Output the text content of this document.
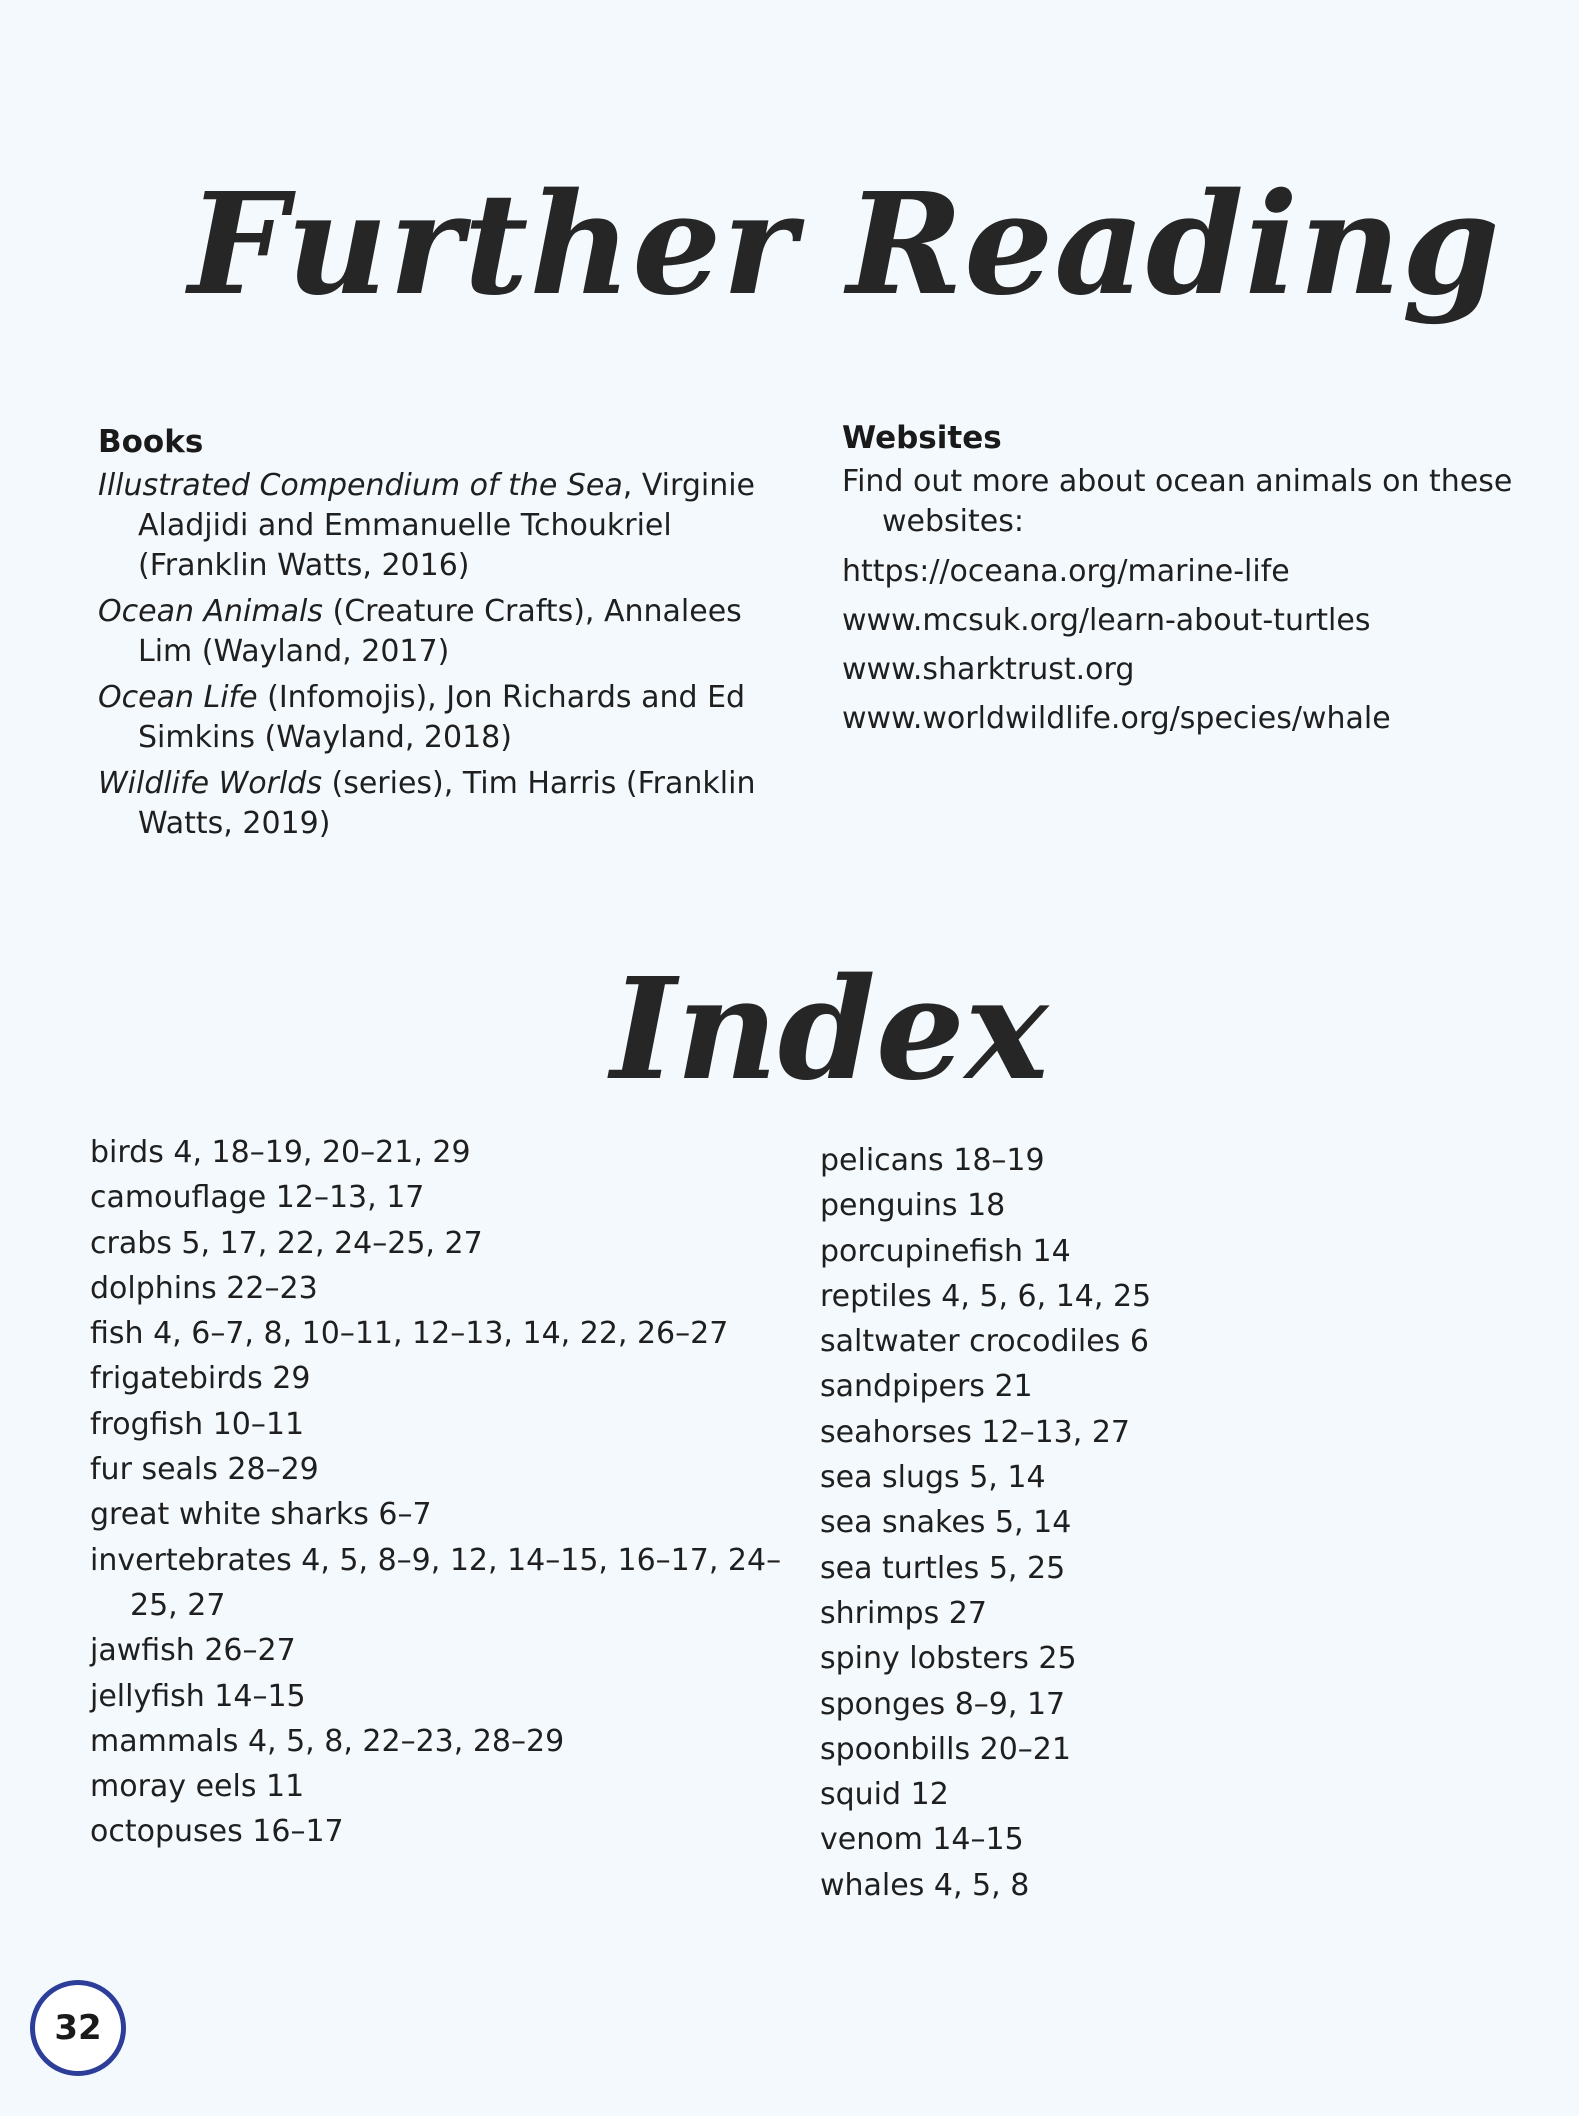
Further Reading

Books

Illustrated Compendium of the Sea, Virginie Aladjidi and Emmanuelle Tchoukriel (Franklin Watts, 2016)

Ocean Animals (Creature Crafts), Annalees Lim (Wayland, 2017)

Ocean Life (Infomojis), Jon Richards and Ed Simkins (Wayland, 2018)

Wildlife Worlds (series), Tim Harris (Franklin Watts, 2019)

Websites

Find out more about ocean animals on these websites:

https://oceana.org/marine-life

www.mcsuk.org/learn-about-turtles

www.sharktrust.org

www.worldwildlife.org/species/whale

Index

birds 4, 18–19, 20–21, 29

camouflage 12–13, 17

crabs 5, 17, 22, 24–25, 27

dolphins 22–23

fish 4, 6–7, 8, 10–11, 12–13, 14, 22, 26–27

frigatebirds 29

frogfish 10–11

fur seals 28–29

great white sharks 6–7

invertebrates 4, 5, 8–9, 12, 14–15, 16–17, 24–25, 27

jawfish 26–27

jellyfish 14–15

mammals 4, 5, 8, 22–23, 28–29

moray eels 11

octopuses 16–17

pelicans 18–19

penguins 18

porcupinefish 14

reptiles 4, 5, 6, 14, 25

saltwater crocodiles 6

sandpipers 21

seahorses 12–13, 27

sea slugs 5, 14

sea snakes 5, 14

sea turtles 5, 25

shrimps 27

spiny lobsters 25

sponges 8–9, 17

spoonbills 20–21

squid 12

venom 14–15

whales 4, 5, 8

32
